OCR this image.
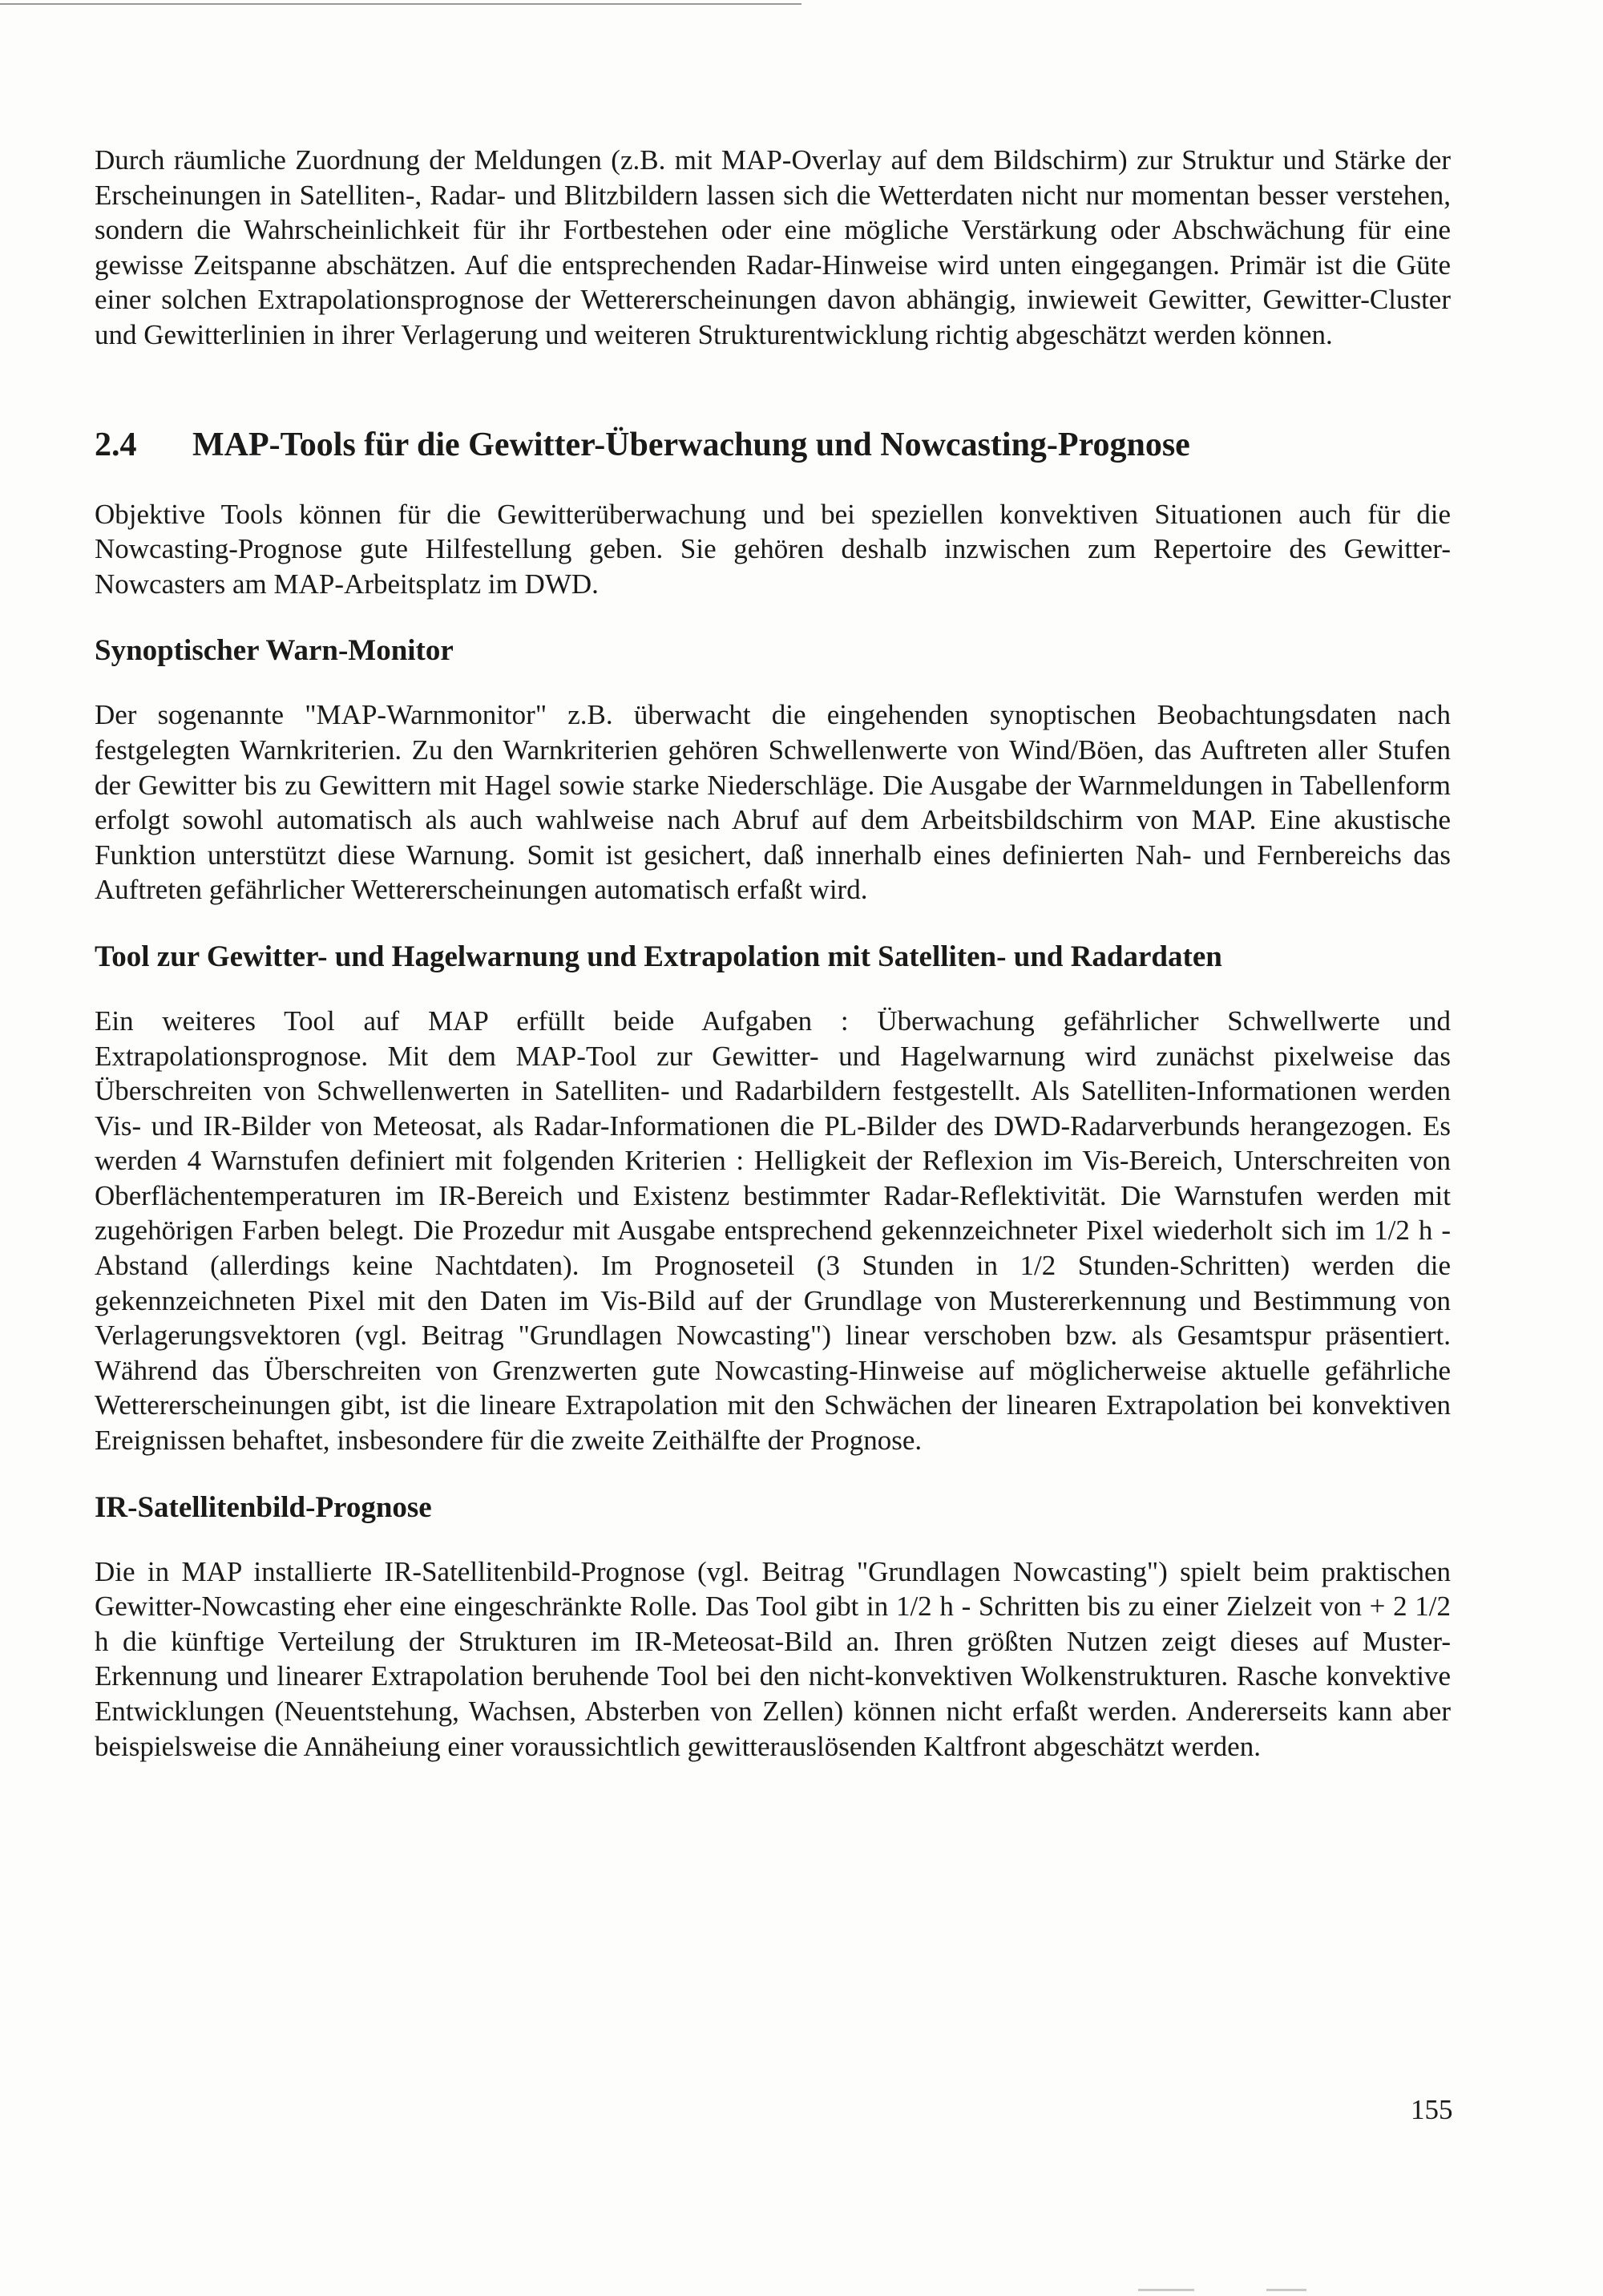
Durch räumliche Zuordnung der Meldungen (z.B. mit MAP-Overlay auf dem Bildschirm) zur Struktur und Stärke der Erscheinungen in Satelliten-, Radar- und Blitzbildern lassen sich die Wetterdaten nicht nur momentan besser verstehen, sondern die Wahrscheinlichkeit für ihr Fortbestehen oder eine mögliche Verstärkung oder Abschwächung für eine gewisse Zeitspanne abschätzen. Auf die entsprechenden Radar-Hinweise wird unten eingegangen. Primär ist die Güte einer solchen Extrapolationsprognose der Wettererscheinungen davon abhängig, inwieweit Gewitter, Gewitter-Cluster und Gewitterlinien in ihrer Verlagerung und weiteren Strukturentwicklung richtig abgeschätzt werden können.

2.4	MAP-Tools für die Gewitter-Überwachung und Nowcasting-Prognose

Objektive Tools können für die Gewitterüberwachung und bei speziellen konvektiven Situationen auch für die Nowcasting-Prognose gute Hilfestellung geben. Sie gehören deshalb inzwischen zum Repertoire des Gewitter-Nowcasters am MAP-Arbeitsplatz im DWD.

Synoptischer Warn-Monitor

Der sogenannte "MAP-Warnmonitor" z.B. überwacht die eingehenden synoptischen Beobachtungsdaten nach festgelegten Warnkriterien. Zu den Warnkriterien gehören Schwellenwerte von Wind/Böen, das Auftreten aller Stufen der Gewitter bis zu Gewittern mit Hagel sowie starke Niederschläge. Die Ausgabe der Warnmeldungen in Tabellenform erfolgt sowohl automatisch als auch wahlweise nach Abruf auf dem Arbeitsbildschirm von MAP. Eine akustische Funktion unterstützt diese Warnung. Somit ist gesichert, daß innerhalb eines definierten Nah- und Fernbereichs das Auftreten gefährlicher Wettererscheinungen automatisch erfaßt wird.

Tool zur Gewitter- und Hagelwarnung und Extrapolation mit Satelliten- und Radardaten

Ein weiteres Tool auf MAP erfüllt beide Aufgaben : Überwachung gefährlicher Schwellwerte und Extrapolationsprognose. Mit dem MAP-Tool zur Gewitter- und Hagelwarnung wird zunächst pixelweise das Überschreiten von Schwellenwerten in Satelliten- und Radarbildern festgestellt. Als Satelliten-Informationen werden Vis- und IR-Bilder von Meteosat, als Radar-Informationen die PL-Bilder des DWD-Radarverbunds herangezogen. Es werden 4 Warnstufen definiert mit folgenden Kriterien : Helligkeit der Reflexion im Vis-Bereich, Unterschreiten von Oberflächentemperaturen im IR-Bereich und Existenz bestimmter Radar-Reflektivität. Die Warnstufen werden mit zugehörigen Farben belegt. Die Prozedur mit Ausgabe entsprechend gekennzeichneter Pixel wiederholt sich im 1/2 h - Abstand (allerdings keine Nachtdaten). Im Prognoseteil (3 Stunden in 1/2 Stunden-Schritten) werden die gekennzeichneten Pixel mit den Daten im Vis-Bild auf der Grundlage von Mustererkennung und Bestimmung von Verlagerungsvektoren (vgl. Beitrag "Grundlagen Nowcasting") linear verschoben bzw. als Gesamtspur präsentiert. Während das Überschreiten von Grenzwerten gute Nowcasting-Hinweise auf möglicherweise aktuelle gefährliche Wettererscheinungen gibt, ist die lineare Extrapolation mit den Schwächen der linearen Extrapolation bei konvektiven Ereignissen behaftet, insbesondere für die zweite Zeithälfte der Prognose.

IR-Satellitenbild-Prognose

Die in MAP installierte IR-Satellitenbild-Prognose (vgl. Beitrag "Grundlagen Nowcasting") spielt beim praktischen Gewitter-Nowcasting eher eine eingeschränkte Rolle. Das Tool gibt in 1/2 h - Schritten bis zu einer Zielzeit von + 2 1/2 h die künftige Verteilung der Strukturen im IR-Meteosat-Bild an. Ihren größten Nutzen zeigt dieses auf Muster-Erkennung und linearer Extrapolation beruhende Tool bei den nicht-konvektiven Wolkenstrukturen. Rasche konvektive Entwicklungen (Neuentstehung, Wachsen, Absterben von Zellen) können nicht erfaßt werden. Andererseits kann aber beispielsweise die Annäheiung einer voraussichtlich gewitterauslösenden Kaltfront abgeschätzt werden.

155
